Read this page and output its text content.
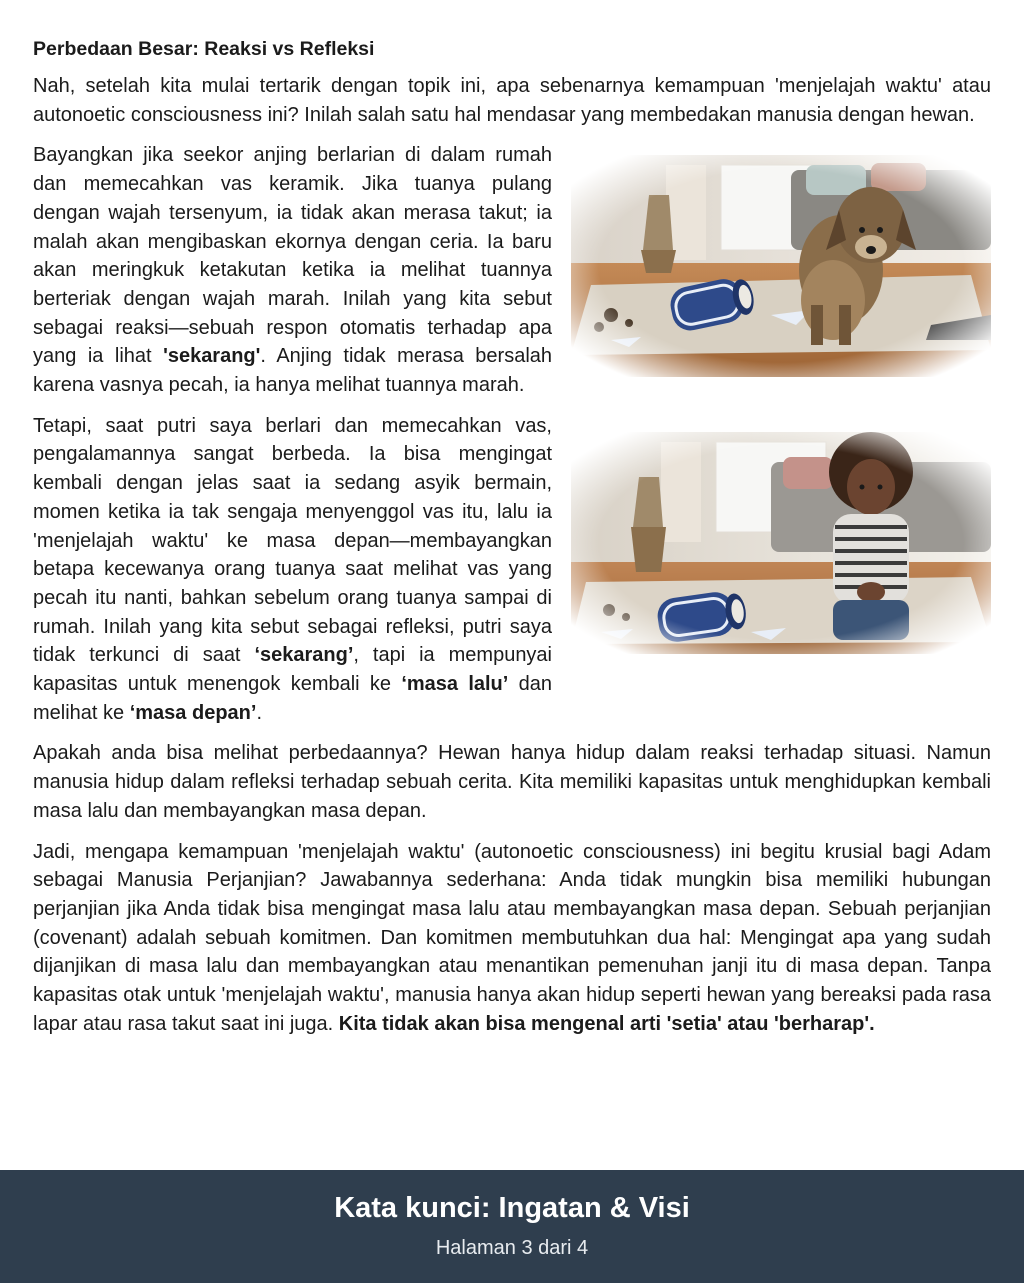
Perbedaan Besar: Reaksi vs Refleksi

Nah, setelah kita mulai tertarik dengan topik ini, apa sebenarnya kemampuan 'menjelajah waktu' atau autonoetic consciousness ini? Inilah salah satu hal mendasar yang membedakan manusia dengan hewan.

Bayangkan jika seekor anjing berlarian di dalam rumah dan memecahkan vas keramik. Jika tuanya pulang dengan wajah tersenyum, ia tidak akan merasa takut; ia malah akan mengibaskan ekornya dengan ceria. Ia baru akan meringkuk ketakutan ketika ia melihat tuannya berteriak dengan wajah marah. Inilah yang kita sebut sebagai reaksi—sebuah respon otomatis terhadap apa yang ia lihat 'sekarang'. Anjing tidak merasa bersalah karena vasnya pecah, ia hanya melihat tuannya marah.

Tetapi, saat putri saya berlari dan memecahkan vas, pengalamannya sangat berbeda. Ia bisa mengingat kembali dengan jelas saat ia sedang asyik bermain, momen ketika ia tak sengaja menyenggol vas itu, lalu ia 'menjelajah waktu' ke masa depan—membayangkan betapa kecewanya orang tuanya saat melihat vas yang pecah itu nanti, bahkan sebelum orang tuanya sampai di rumah. Inilah yang kita sebut sebagai refleksi, putri saya tidak terkunci di saat ‘sekarang’, tapi ia mempunyai kapasitas untuk menengok kembali ke ‘masa lalu’ dan melihat ke ‘masa depan’.

Apakah anda bisa melihat perbedaannya? Hewan hanya hidup dalam reaksi terhadap situasi. Namun manusia hidup dalam refleksi terhadap sebuah cerita. Kita memiliki kapasitas untuk menghidupkan kembali masa lalu dan membayangkan masa depan.

Jadi, mengapa kemampuan 'menjelajah waktu' (autonoetic consciousness) ini begitu krusial bagi Adam sebagai Manusia Perjanjian? Jawabannya sederhana: Anda tidak mungkin bisa memiliki hubungan perjanjian jika Anda tidak bisa mengingat masa lalu atau membayangkan masa depan. Sebuah perjanjian (covenant) adalah sebuah komitmen. Dan komitmen membutuhkan dua hal: Mengingat apa yang sudah dijanjikan di masa lalu dan membayangkan atau menantikan pemenuhan janji itu di masa depan. Tanpa kapasitas otak untuk 'menjelajah waktu', manusia hanya akan hidup seperti hewan yang bereaksi pada rasa lapar atau rasa takut saat ini juga. Kita tidak akan bisa mengenal arti 'setia' atau 'berharap'.

Kata kunci: Ingatan & Visi
Halaman 3 dari 4
